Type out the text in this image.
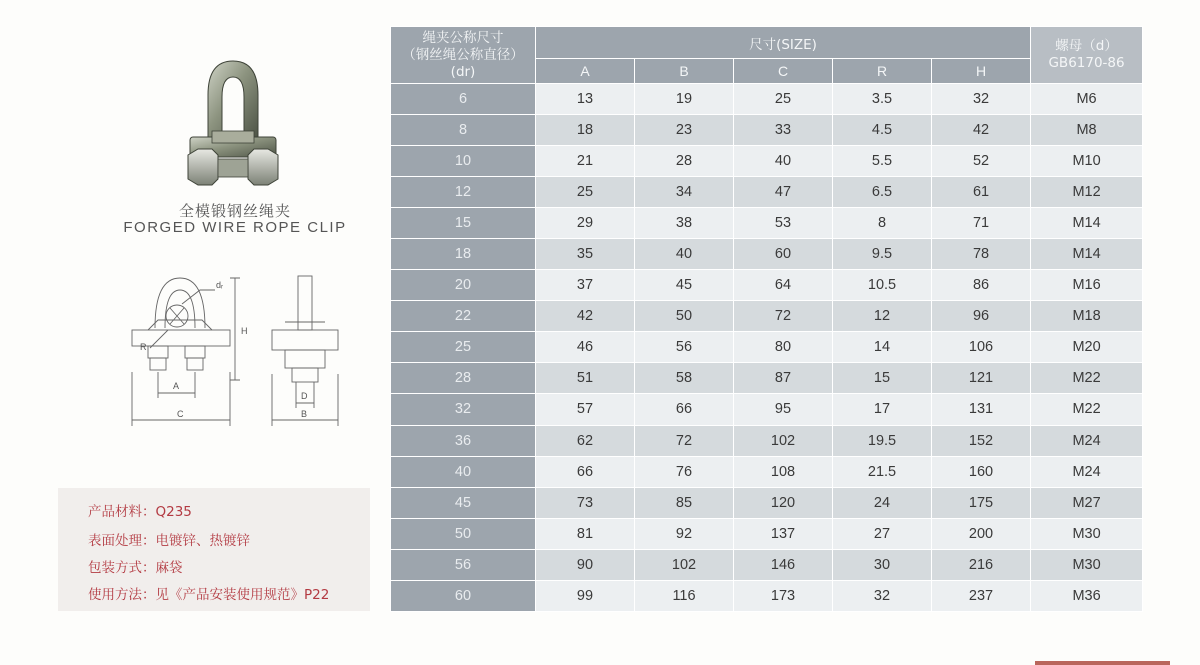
全模锻钢丝绳夹
FORGED WIRE ROPE CLIP
dᵣ
R
H
A
C
D
B
产品材料：Q235
表面处理：电镀锌、热镀锌
包装方式：麻袋
使用方法：见《产品安装使用规范》P22
绳夹公称尺寸
（钢丝绳公称直径）
(dr)	尺寸(SIZE)					螺母（d）
GB6170-86

	A	B	C	R	H	
6	13	19	25	3.5	32	M6
8	18	23	33	4.5	42	M8
10	21	28	40	5.5	52	M10
12	25	34	47	6.5	61	M12
15	29	38	53	8	71	M14
18	35	40	60	9.5	78	M14
20	37	45	64	10.5	86	M16
22	42	50	72	12	96	M18
25	46	56	80	14	106	M20
28	51	58	87	15	121	M22
32	57	66	95	17	131	M22
36	62	72	102	19.5	152	M24
40	66	76	108	21.5	160	M24
45	73	85	120	24	175	M27
50	81	92	137	27	200	M30
56	90	102	146	30	216	M30
60	99	116	173	32	237	M36
